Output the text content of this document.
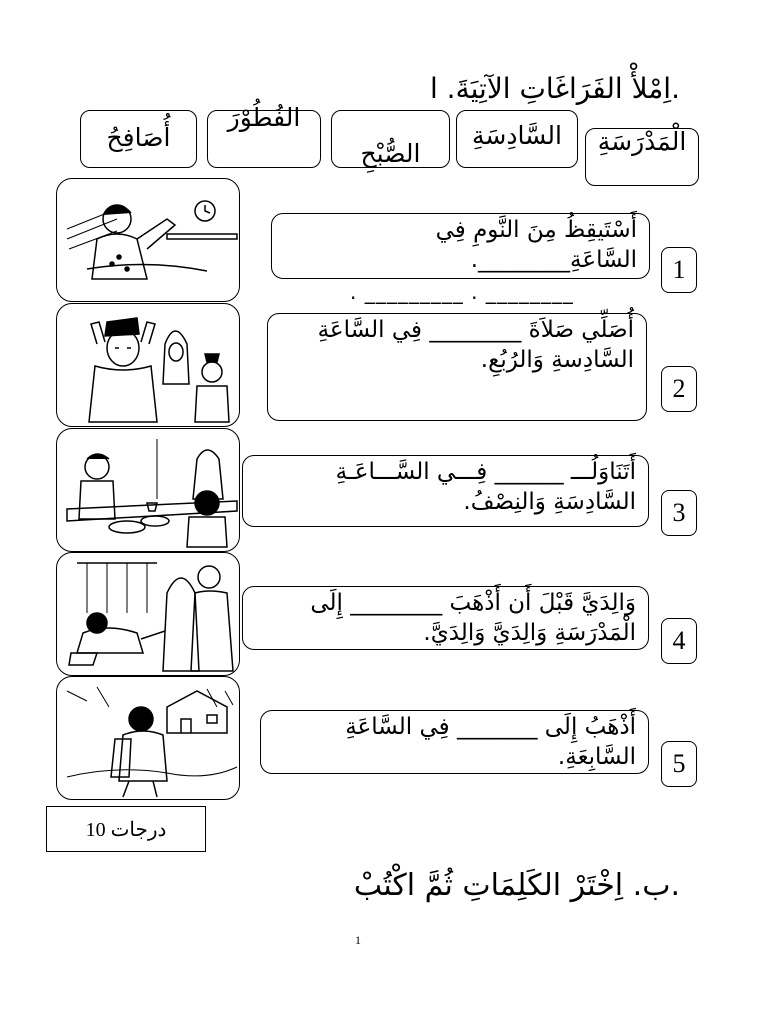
.اِمْلأْ الفَرَاغَاتِ الآتِيَةَ. ا
الْمَدْرَسَةِ
السَّادِسَةِ
الصُّبْحِ
الفُطُوْرَ
أُصَافِحُ
أَسْتَيقِظُ مِنَ النَّومِ فِي السَّاعَةِ________.	1
. _________ . ________
أُصَلِّي صَلاَةَ ________ فِي السَّاعَةِ السَّادِسةِ وَالرُبُعِ.
2
أَتَنَاوَلُـــ ______ فِـــي السَّـــاعَـةِ السَّادِسَةِ وَالنِصْفُ.	3
وَالِدَيَّ قَبْلَ أَن أَذْهَبَ ________ إِلَى الْمَدْرَسَةِ وَالِدَيَّ وَالِدَيَّ.	4
أَذْهَبُ إِلَى _______ فِي السَّاعَةِ السَّابِعَةِ.	5
درجات 10
.ب. اِخْتَرْ الكَلِمَاتِ ثُمَّ اكْتُبْ
1
